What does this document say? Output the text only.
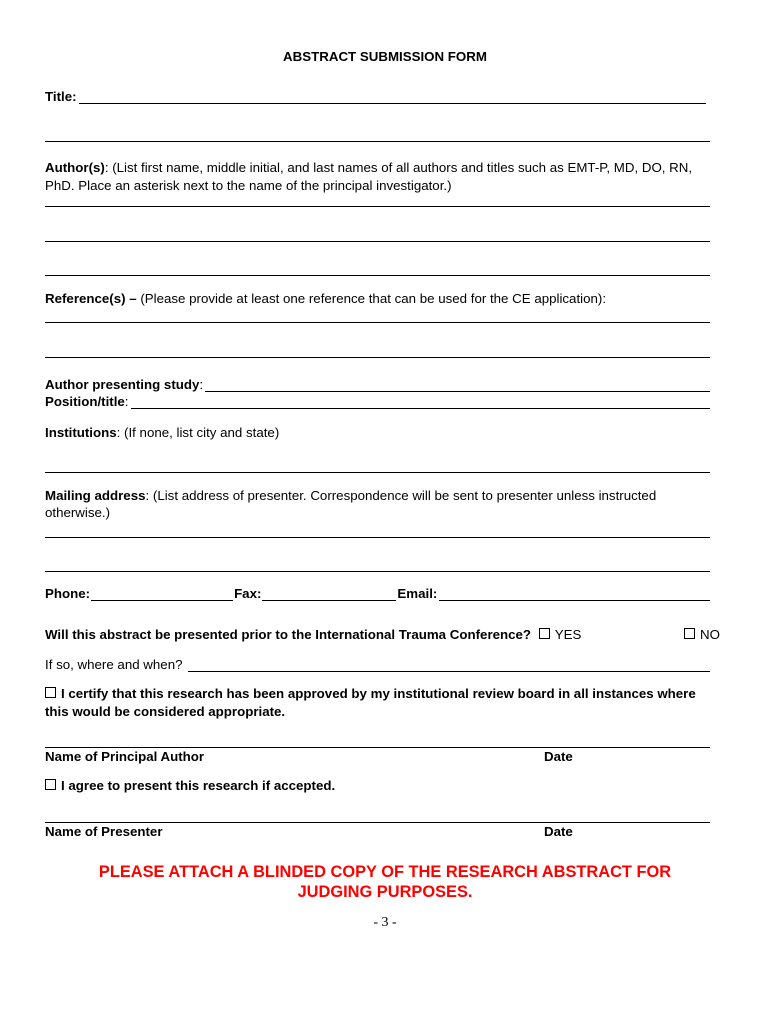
ABSTRACT SUBMISSION FORM
Title:
Author(s): (List first name, middle initial, and last names of all authors and titles such as EMT-P, MD, DO, RN, PhD. Place an asterisk next to the name of the principal investigator.)
Reference(s) – (Please provide at least one reference that can be used for the CE application):
Author presenting study :
Position/title :
Institutions: (If none, list city and state)
Mailing address: (List address of presenter. Correspondence will be sent to presenter unless instructed otherwise.)
Phone:	Fax:	Email:
Will this abstract be presented prior to the International Trauma Conference? YES	NO
If so, where and when?
I certify that this research has been approved by my institutional review board in all instances where this would be considered appropriate.
Name of Principal Author	Date
I agree to present this research if accepted.
Name of Presenter	Date
PLEASE ATTACH A BLINDED COPY OF THE RESEARCH ABSTRACT FOR
JUDGING PURPOSES.
- 3 -
